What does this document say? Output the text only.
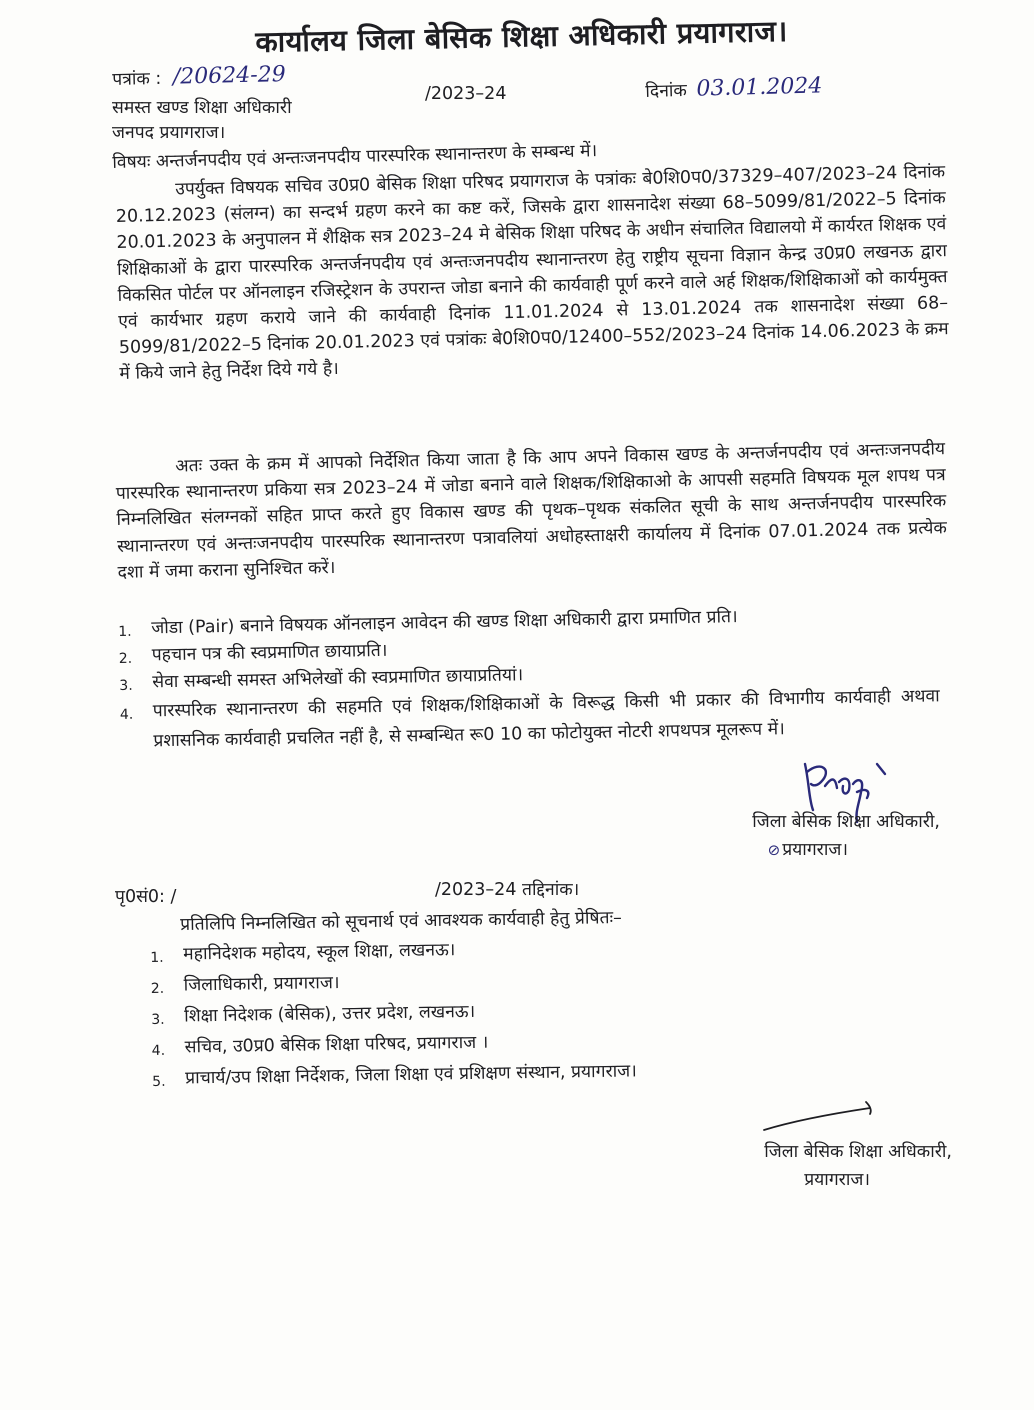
कार्यालय जिला बेसिक शिक्षा अधिकारी प्रयागराज।
पत्रांक : /20624-29
/2023–24	दिनांक 03.01.2024
समस्त खण्ड शिक्षा अधिकारी
जनपद प्रयागराज।
विषयः अन्तर्जनपदीय एवं अन्तःजनपदीय पारस्परिक स्थानान्तरण के सम्बन्ध में।

उपर्युक्त विषयक सचिव उ0प्र0 बेसिक शिक्षा परिषद प्रयागराज के पत्रांकः बे0शि0प0/37329–407/2023–24 दिनांक 20.12.2023 (संलग्न) का सन्दर्भ ग्रहण करने का कष्ट करें, जिसके द्वारा शासनादेश संख्या 68–5099/81/2022–5 दिनांक 20.01.2023 के अनुपालन में शैक्षिक सत्र 2023–24 मे बेसिक शिक्षा परिषद के अधीन संचालित विद्यालयो में कार्यरत शिक्षक एवं शिक्षिकाओं के द्वारा पारस्परिक अन्तर्जनपदीय एवं अन्तःजनपदीय स्थानान्तरण हेतु राष्ट्रीय सूचना विज्ञान केन्द्र उ0प्र0 लखनऊ द्वारा विकसित पोर्टल पर ऑनलाइन रजिस्ट्रेशन के उपरान्त जोडा बनाने की कार्यवाही पूर्ण करने वाले अर्ह शिक्षक/शिक्षिकाओं को कार्यमुक्त एवं कार्यभार ग्रहण कराये जाने की कार्यवाही दिनांक 11.01.2024 से 13.01.2024 तक शासनादेश संख्या 68–5099/81/2022–5 दिनांक 20.01.2023 एवं पत्रांकः बे0शि0प0/12400–552/2023–24 दिनांक 14.06.2023 के क्रम में किये जाने हेतु निर्देश दिये गये है।

अतः उक्त के क्रम में आपको निर्देशित किया जाता है कि आप अपने विकास खण्ड के अन्तर्जनपदीय एवं अन्तःजनपदीय पारस्परिक स्थानान्तरण प्रकिया सत्र 2023–24 में जोडा बनाने वाले शिक्षक/शिक्षिकाओ के आपसी सहमति विषयक मूल शपथ पत्र निम्नलिखित संलग्नकों सहित प्राप्त करते हुए विकास खण्ड की पृथक–पृथक संकलित सूची के साथ अन्तर्जनपदीय पारस्परिक स्थानान्तरण एवं अन्तःजनपदीय पारस्परिक स्थानान्तरण पत्रावलियां अधोहस्ताक्षरी कार्यालय में दिनांक 07.01.2024 तक प्रत्येक दशा में जमा कराना सुनिश्चित करें।

1. जोडा (Pair) बनाने विषयक ऑनलाइन आवेदन की खण्ड शिक्षा अधिकारी द्वारा प्रमाणित प्रति।
2. पहचान पत्र की स्वप्रमाणित छायाप्रति।
3. सेवा सम्बन्धी समस्त अभिलेखों की स्वप्रमाणित छायाप्रतियां।
4. पारस्परिक स्थानान्तरण की सहमति एवं शिक्षक/शिक्षिकाओं के विरूद्ध किसी भी प्रकार की विभागीय कार्यवाही अथवा प्रशासनिक कार्यवाही प्रचलित नहीं है, से सम्बन्धित रू0 10 का फोटोयुक्त नोटरी शपथपत्र मूलरूप में।
जिला बेसिक शिक्षा अधिकारी,
⊘ प्रयागराज।
पृ0सं0: /	/2023–24 तद्दिनांक।
प्रतिलिपि निम्नलिखित को सूचनार्थ एवं आवश्यक कार्यवाही हेतु प्रेषितः–
1. महानिदेशक महोदय, स्कूल शिक्षा, लखनऊ।
2. जिलाधिकारी, प्रयागराज।
3. शिक्षा निदेशक (बेसिक), उत्तर प्रदेश, लखनऊ।
4. सचिव, उ0प्र0 बेसिक शिक्षा परिषद, प्रयागराज ।
5. प्राचार्य/उप शिक्षा निर्देशक, जिला शिक्षा एवं प्रशिक्षण संस्थान, प्रयागराज।
जिला बेसिक शिक्षा अधिकारी,
प्रयागराज।
